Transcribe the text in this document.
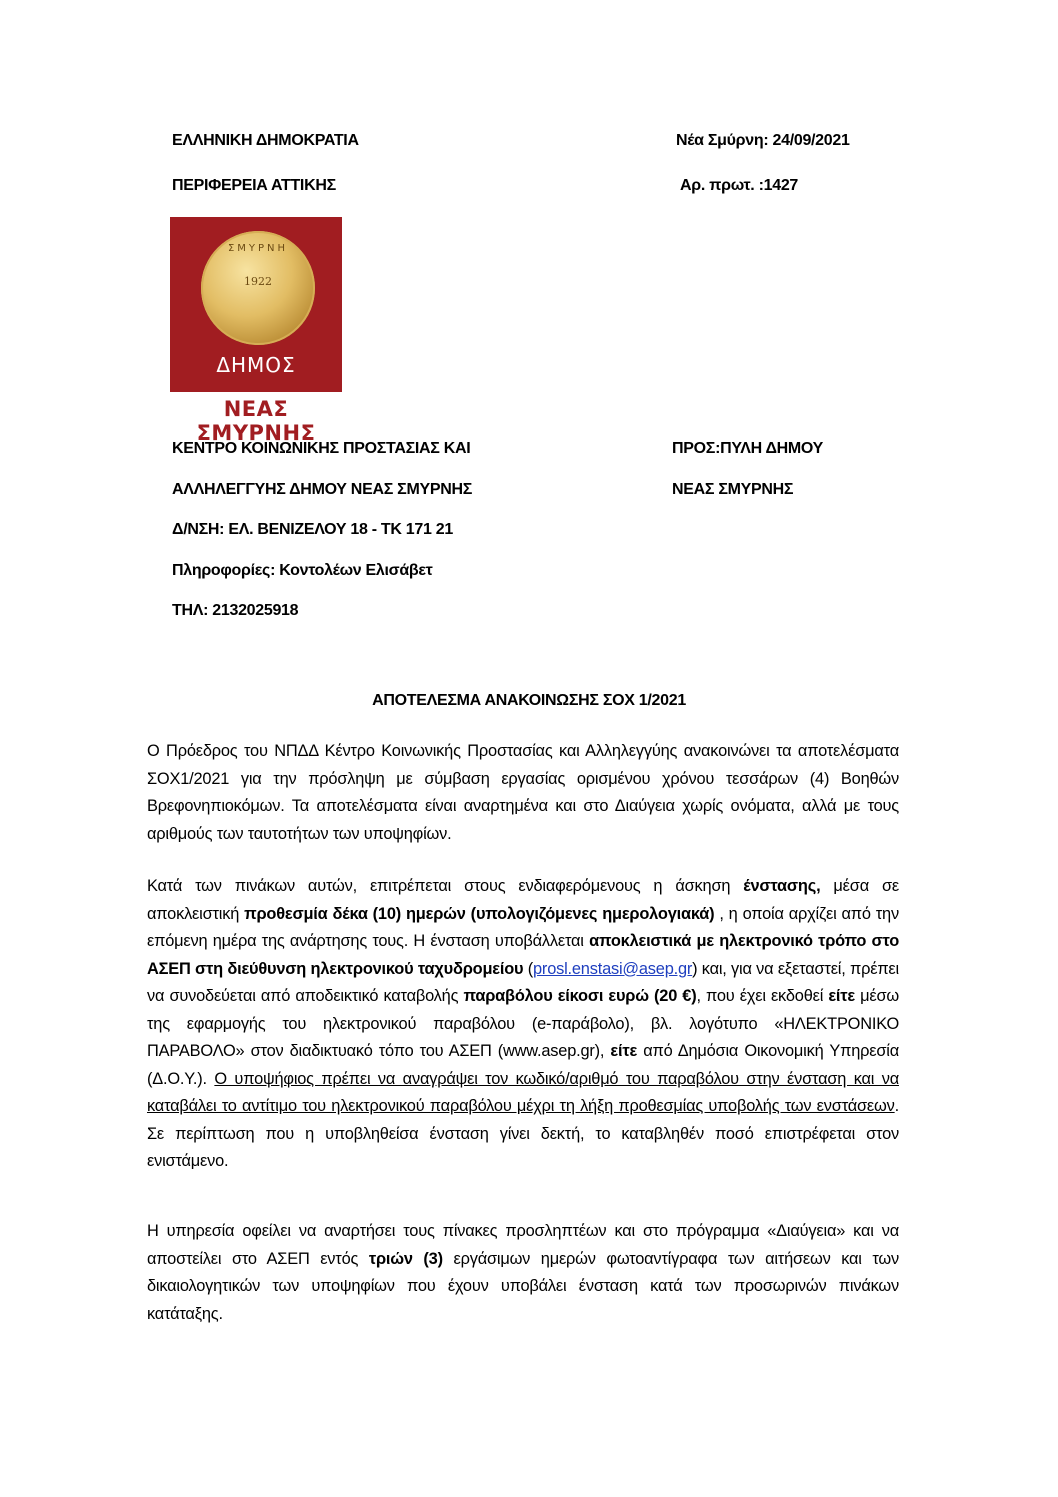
ΕΛΛΗΝΙΚΗ ΔΗΜΟΚΡΑΤΙΑ
ΠΕΡΙΦΕΡΕΙΑ ΑΤΤΙΚΗΣ
Νέα Σμύρνη: 24/09/2021
Αρ. πρωτ. :1427
ΣΜΥΡΝΗ
1922
ΔΗΜΟΣ
ΝΕΑΣ ΣΜΥΡΝΗΣ
ΚΕΝΤΡΟ ΚΟΙΝΩΝΙΚΗΣ ΠΡΟΣΤΑΣΙΑΣ ΚΑΙ
ΑΛΛΗΛΕΓΓΥΗΣ ΔΗΜΟΥ ΝΕΑΣ ΣΜΥΡΝΗΣ
Δ/ΝΣΗ: ΕΛ. ΒΕΝΙΖΕΛΟΥ 18 - ΤΚ 171 21
Πληροφορίες: Κοντολέων Ελισάβετ
ΤΗΛ: 2132025918
ΠΡΟΣ:ΠΥΛΗ ΔΗΜΟΥ
ΝΕΑΣ ΣΜΥΡΝΗΣ
ΑΠΟΤΕΛΕΣΜΑ ΑΝΑΚΟΙΝΩΣΗΣ ΣΟΧ 1/2021
Ο Πρόεδρος του ΝΠΔΔ Κέντρο Κοινωνικής Προστασίας και Αλληλεγγύης ανακοινώνει τα αποτελέσματα ΣΟΧ1/2021 για την πρόσληψη με σύμβαση εργασίας ορισμένου χρόνου τεσσάρων (4) Βοηθών Βρεφονηπιοκόμων. Τα αποτελέσματα είναι αναρτημένα και στο Διαύγεια χωρίς ονόματα, αλλά με τους αριθμούς των ταυτοτήτων των υποψηφίων.
Κατά των πινάκων αυτών, επιτρέπεται στους ενδιαφερόμενους η άσκηση ένστασης, μέσα σε αποκλειστική προθεσμία δέκα (10) ημερών (υπολογιζόμενες ημερολογιακά) , η οποία αρχίζει από την επόμενη ημέρα της ανάρτησης τους. Η ένσταση υποβάλλεται αποκλειστικά με ηλεκτρονικό τρόπο στο ΑΣΕΠ στη διεύθυνση ηλεκτρονικού ταχυδρομείου (prosl.enstasi@asep.gr) και, για να εξεταστεί, πρέπει να συνοδεύεται από αποδεικτικό καταβολής παραβόλου είκοσι ευρώ (20 €), που έχει εκδοθεί είτε μέσω της εφαρμογής του ηλεκτρονικού παραβόλου (e-παράβολο), βλ. λογότυπο «ΗΛΕΚΤΡΟΝΙΚΟ ΠΑΡΑΒΟΛΟ» στον διαδικτυακό τόπο του ΑΣΕΠ (www.asep.gr), είτε από Δημόσια Οικονομική Υπηρεσία (Δ.Ο.Υ.). Ο υποψήφιος πρέπει να αναγράψει τον κωδικό/αριθμό του παραβόλου στην ένσταση και να καταβάλει το αντίτιμο του ηλεκτρονικού παραβόλου μέχρι τη λήξη προθεσμίας υποβολής των ενστάσεων. Σε περίπτωση που η υποβληθείσα ένσταση γίνει δεκτή, το καταβληθέν ποσό επιστρέφεται στον ενιστάμενο.
Η υπηρεσία οφείλει να αναρτήσει τους πίνακες προσληπτέων και στο πρόγραμμα «Διαύγεια» και να αποστείλει στο ΑΣΕΠ εντός τριών (3) εργάσιμων ημερών φωτοαντίγραφα των αιτήσεων και των δικαιολογητικών των υποψηφίων που έχουν υποβάλει ένσταση κατά των προσωρινών πινάκων κατάταξης.
